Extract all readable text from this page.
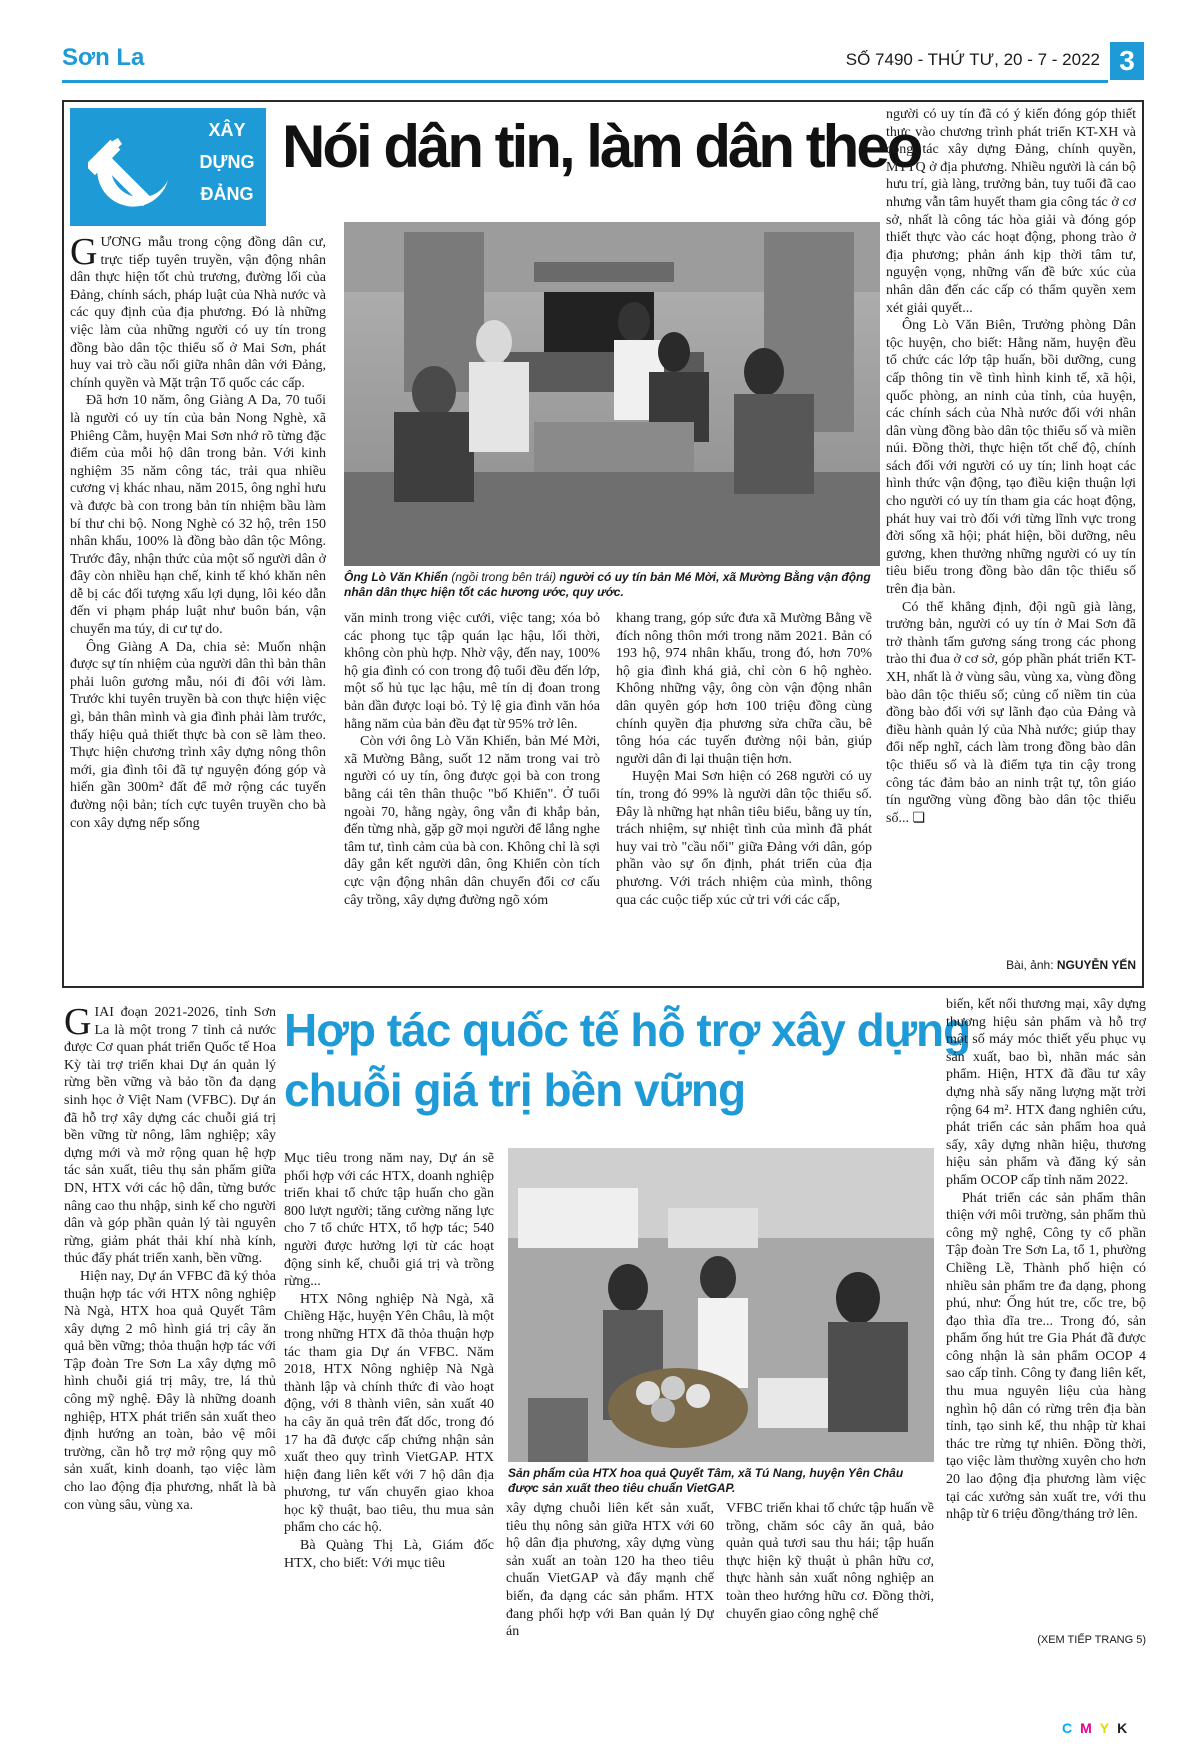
Sơn La	SỐ 7490 - THỨ TƯ, 20 - 7 - 2022 3
XÂY
DỰNG
ĐẢNG
Nói dân tin, làm dân theo

GƯƠNG mẫu trong cộng đồng dân cư, trực tiếp tuyên truyền, vận động nhân dân thực hiện tốt chủ trương, đường lối của Đảng, chính sách, pháp luật của Nhà nước và các quy định của địa phương. Đó là những việc làm của những người có uy tín trong đồng bào dân tộc thiểu số ở Mai Sơn, phát huy vai trò cầu nối giữa nhân dân với Đảng, chính quyền và Mặt trận Tổ quốc các cấp.

Đã hơn 10 năm, ông Giàng A Da, 70 tuổi là người có uy tín của bản Nong Nghè, xã Phiêng Cằm, huyện Mai Sơn nhớ rõ từng đặc điểm của mỗi hộ dân trong bản. Với kinh nghiệm 35 năm công tác, trải qua nhiều cương vị khác nhau, năm 2015, ông nghỉ hưu và được bà con trong bản tín nhiệm bầu làm bí thư chi bộ. Nong Nghè có 32 hộ, trên 150 nhân khẩu, 100% là đồng bào dân tộc Mông. Trước đây, nhận thức của một số người dân ở đây còn nhiều hạn chế, kinh tế khó khăn nên dễ bị các đối tượng xấu lợi dụng, lôi kéo dẫn đến vi phạm pháp luật như buôn bán, vận chuyển ma túy, di cư tự do.

Ông Giàng A Da, chia sẻ: Muốn nhận được sự tín nhiệm của người dân thì bản thân phải luôn gương mẫu, nói đi đôi với làm. Trước khi tuyên truyền bà con thực hiện việc gì, bản thân mình và gia đình phải làm trước, thấy hiệu quả thiết thực bà con sẽ làm theo. Thực hiện chương trình xây dựng nông thôn mới, gia đình tôi đã tự nguyện đóng góp và hiến gần 300m² đất để mở rộng các tuyến đường nội bản; tích cực tuyên truyền cho bà con xây dựng nếp sống

Ông Lò Văn Khiển (ngồi trong bên trái) người có uy tín bản Mé Mời, xã Mường Bằng vận động nhân dân thực hiện tốt các hương ước, quy ước.

văn minh trong việc cưới, việc tang; xóa bỏ các phong tục tập quán lạc hậu, lối thời, không còn phù hợp. Nhờ vậy, đến nay, 100% hộ gia đình có con trong độ tuổi đều đến lớp, một số hủ tục lạc hậu, mê tín dị đoan trong bản dần được loại bỏ. Tỷ lệ gia đình văn hóa hằng năm của bản đều đạt từ 95% trở lên.

Còn với ông Lò Văn Khiển, bản Mé Mời, xã Mường Bằng, suốt 12 năm trong vai trò người có uy tín, ông được gọi bà con trong bằng cái tên thân thuộc "bố Khiển". Ở tuổi ngoài 70, hằng ngày, ông vẫn đi khắp bản, đến từng nhà, gặp gỡ mọi người để lắng nghe tâm tư, tình cảm của bà con. Không chỉ là sợi dây gắn kết người dân, ông Khiển còn tích cực vận động nhân dân chuyển đổi cơ cấu cây trồng, xây dựng đường ngõ xóm

khang trang, góp sức đưa xã Mường Bằng về đích nông thôn mới trong năm 2021. Bản có 193 hộ, 974 nhân khẩu, trong đó, hơn 70% hộ gia đình khá giả, chỉ còn 6 hộ nghèo. Không những vậy, ông còn vận động nhân dân quyên góp hơn 100 triệu đồng cùng chính quyền địa phương sửa chữa cầu, bê tông hóa các tuyến đường nội bản, giúp người dân đi lại thuận tiện hơn.

Huyện Mai Sơn hiện có 268 người có uy tín, trong đó 99% là người dân tộc thiểu số. Đây là những hạt nhân tiêu biểu, bằng uy tín, trách nhiệm, sự nhiệt tình của mình đã phát huy vai trò "cầu nối" giữa Đảng với dân, góp phần vào sự ổn định, phát triển của địa phương. Với trách nhiệm của mình, thông qua các cuộc tiếp xúc cử tri với các cấp,

người có uy tín đã có ý kiến đóng góp thiết thực vào chương trình phát triển KT-XH và công tác xây dựng Đảng, chính quyền, MTTQ ở địa phương. Nhiều người là cán bộ hưu trí, già làng, trưởng bản, tuy tuổi đã cao nhưng vẫn tâm huyết tham gia công tác ở cơ sở, nhất là công tác hòa giải và đóng góp thiết thực vào các hoạt động, phong trào ở địa phương; phản ánh kịp thời tâm tư, nguyện vọng, những vấn đề bức xúc của nhân dân đến các cấp có thẩm quyền xem xét giải quyết...

Ông Lò Văn Biên, Trưởng phòng Dân tộc huyện, cho biết: Hằng năm, huyện đều tổ chức các lớp tập huấn, bồi dưỡng, cung cấp thông tin về tình hình kinh tế, xã hội, quốc phòng, an ninh của tỉnh, của huyện, các chính sách của Nhà nước đối với nhân dân vùng đồng bào dân tộc thiểu số và miền núi. Đồng thời, thực hiện tốt chế độ, chính sách đối với người có uy tín; linh hoạt các hình thức vận động, tạo điều kiện thuận lợi cho người có uy tín tham gia các hoạt động, phát huy vai trò đối với từng lĩnh vực trong đời sống xã hội; phát hiện, bồi dưỡng, nêu gương, khen thưởng những người có uy tín tiêu biểu trong đồng bào dân tộc thiểu số trên địa bàn.

Có thể khẳng định, đội ngũ già làng, trưởng bản, người có uy tín ở Mai Sơn đã trở thành tấm gương sáng trong các phong trào thi đua ở cơ sở, góp phần phát triển KT-XH, nhất là ở vùng sâu, vùng xa, vùng đồng bào dân tộc thiểu số; củng cố niềm tin của đồng bào đối với sự lãnh đạo của Đảng và điều hành quản lý của Nhà nước; giúp thay đổi nếp nghĩ, cách làm trong đồng bào dân tộc thiểu số và là điểm tựa tin cậy trong công tác đảm bảo an ninh trật tự, tôn giáo tín ngưỡng vùng đồng bào dân tộc thiểu số... ❏

Bài, ảnh: NGUYỄN YẾN

GIAI đoạn 2021-2026, tỉnh Sơn La là một trong 7 tỉnh cả nước được Cơ quan phát triển Quốc tế Hoa Kỳ tài trợ triển khai Dự án quản lý rừng bền vững và bảo tồn đa dạng sinh học ở Việt Nam (VFBC). Dự án đã hỗ trợ xây dựng các chuỗi giá trị bền vững từ nông, lâm nghiệp; xây dựng mới và mở rộng quan hệ hợp tác sản xuất, tiêu thụ sản phẩm giữa DN, HTX với các hộ dân, từng bước nâng cao thu nhập, sinh kế cho người dân và góp phần quản lý tài nguyên rừng, giảm phát thải khí nhà kính, thúc đẩy phát triển xanh, bền vững.

Hiện nay, Dự án VFBC đã ký thỏa thuận hợp tác với HTX nông nghiệp Nà Ngà, HTX hoa quả Quyết Tâm xây dựng 2 mô hình giá trị cây ăn quả bền vững; thỏa thuận hợp tác với Tập đoàn Tre Sơn La xây dựng mô hình chuỗi giá trị mây, tre, lá thủ công mỹ nghệ. Đây là những doanh nghiệp, HTX phát triển sản xuất theo định hướng an toàn, bảo vệ môi trường, cần hỗ trợ mở rộng quy mô sản xuất, kinh doanh, tạo việc làm cho lao động địa phương, nhất là bà con vùng sâu, vùng xa.

Hợp tác quốc tế hỗ trợ xây dựng
chuỗi giá trị bền vững

Mục tiêu trong năm nay, Dự án sẽ phối hợp với các HTX, doanh nghiệp triển khai tổ chức tập huấn cho gần 800 lượt người; tăng cường năng lực cho 7 tổ chức HTX, tổ hợp tác; 540 người được hưởng lợi từ các hoạt động sinh kế, chuỗi giá trị và trồng rừng...

HTX Nông nghiệp Nà Ngà, xã Chiềng Hặc, huyện Yên Châu, là một trong những HTX đã thỏa thuận hợp tác tham gia Dự án VFBC. Năm 2018, HTX Nông nghiệp Nà Ngà thành lập và chính thức đi vào hoạt động, với 8 thành viên, sản xuất 40 ha cây ăn quả trên đất dốc, trong đó 17 ha đã được cấp chứng nhận sản xuất theo quy trình VietGAP. HTX hiện đang liên kết với 7 hộ dân địa phương, tư vấn chuyển giao khoa học kỹ thuật, bao tiêu, thu mua sản phẩm cho các hộ.

Bà Quàng Thị Là, Giám đốc HTX, cho biết: Với mục tiêu

Sản phẩm của HTX hoa quả Quyết Tâm, xã Tú Nang, huyện Yên Châu được sản xuất theo tiêu chuẩn VietGAP.

xây dựng chuỗi liên kết sản xuất, tiêu thụ nông sản giữa HTX với 60 hộ dân địa phương, xây dựng vùng sản xuất an toàn 120 ha theo tiêu chuẩn VietGAP và đẩy mạnh chế biến, đa dạng các sản phẩm. HTX đang phối hợp với Ban quản lý Dự án

VFBC triển khai tổ chức tập huấn về trồng, chăm sóc cây ăn quả, bảo quản quả tươi sau thu hái; tập huấn thực hiện kỹ thuật ủ phân hữu cơ, thực hành sản xuất nông nghiệp an toàn theo hướng hữu cơ. Đồng thời, chuyển giao công nghệ chế

biến, kết nối thương mại, xây dựng thương hiệu sản phẩm và hỗ trợ một số máy móc thiết yếu phục vụ sản xuất, bao bì, nhãn mác sản phẩm. Hiện, HTX đã đầu tư xây dựng nhà sấy năng lượng mặt trời rộng 64 m². HTX đang nghiên cứu, phát triển các sản phẩm hoa quả sấy, xây dựng nhãn hiệu, thương hiệu sản phẩm và đăng ký sản phẩm OCOP cấp tỉnh năm 2022.

Phát triển các sản phẩm thân thiện với môi trường, sản phẩm thủ công mỹ nghệ, Công ty cổ phần Tập đoàn Tre Sơn La, tổ 1, phường Chiềng Lề, Thành phố hiện có nhiều sản phẩm tre đa dạng, phong phú, như: Ống hút tre, cốc tre, bộ đạo thìa dĩa tre... Trong đó, sản phẩm ống hút tre Gia Phát đã được công nhận là sản phẩm OCOP 4 sao cấp tỉnh. Công ty đang liên kết, thu mua nguyên liệu của hàng nghìn hộ dân có rừng trên địa bàn tỉnh, tạo sinh kế, thu nhập từ khai thác tre rừng tự nhiên. Đồng thời, tạo việc làm thường xuyên cho hơn 20 lao động địa phương làm việc tại các xưởng sản xuất tre, với thu nhập từ 6 triệu đồng/tháng trở lên.

(XEM TIẾP TRANG 5)
CMYK
